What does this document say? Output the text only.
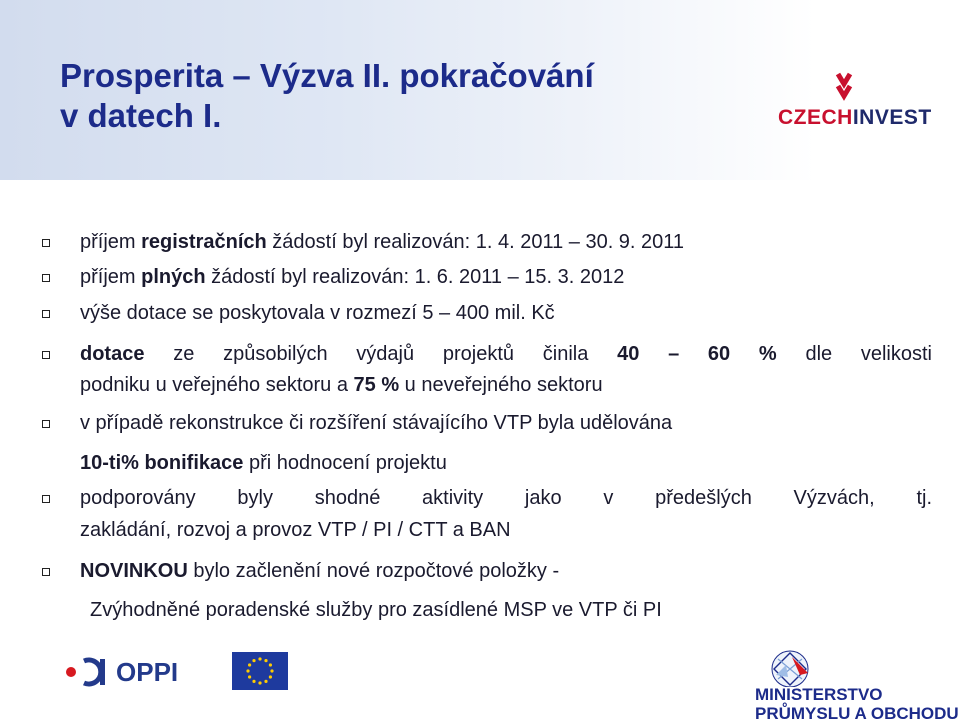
Prosperita – Výzva II. pokračování
v datech I.	CZECHINVEST
příjem registračních žádostí byl realizován: 1. 4. 2011 – 30. 9. 2011
příjem plných žádostí byl realizován: 1. 6. 2011 – 15. 3. 2012
výše dotace se poskytovala v rozmezí 5 – 400 mil. Kč
dotace ze způsobilých výdajů projektů činila 40 – 60 % dle velikosti
podniku u veřejného sektoru a 75 % u neveřejného sektoru
v případě rekonstrukce či rozšíření stávajícího VTP byla udělována
10-ti% bonifikace při hodnocení projektu
podporovány byly shodné aktivity jako v předešlých Výzvách, tj.
zakládání, rozvoj a provoz VTP / PI / CTT a BAN
NOVINKOU bylo začlenění nové rozpočtové položky -
Zvýhodněné poradenské služby pro zasídlené MSP ve VTP či PI
OPPI
MINISTERSTVO
PRŮMYSLU A OBCHODU
